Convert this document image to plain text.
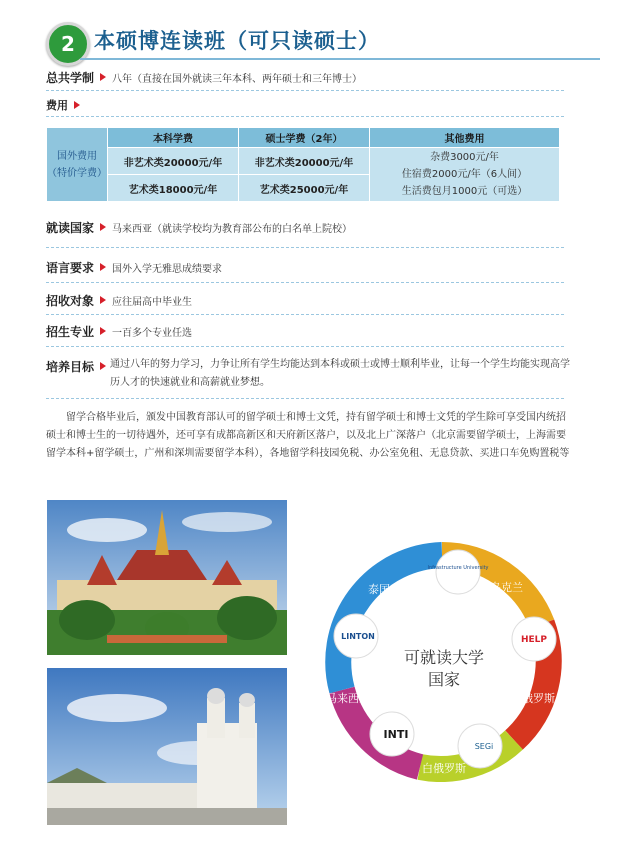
2 本硕博连读班（可只读硕士）
总共学制 八年（直接在国外就读三年本科、两年硕士和三年博士）
费用
国外费用
（特价学费）	本科学费	硕士学费（2年）	其他费用
	非艺术类20000元/年	非艺术类20000元/年	杂费3000元/年
住宿费2000元/年（6人间）
生活费包月1000元（可选）

	艺术类18000元/年	艺术类25000元/年	
就读国家 马来西亚（就读学校均为教育部公布的白名单上院校）
语言要求 国外入学无雅思成绩要求
招收对象 应往届高中毕业生
招生专业 一百多个专业任选
培养目标 通过八年的努力学习，力争让所有学生均能达到本科或硕士或博士顺利毕业，让每一个学生均能实现高学历人才的快速就业和高薪就业梦想。
留学合格毕业后，颁发中国教育部认可的留学硕士和博士文凭，持有留学硕士和博士文凭的学生除可享受国内统招硕士和博士生的一切待遇外，还可享有成都高新区和天府新区落户，以及北上广深落户（北京需要留学硕士，上海需要留学本科+留学硕士，广州和深圳需要留学本科），各地留学科技园免税、办公室免租、无息贷款、买进口车免购置税等
Infrastructure University
HELP
SEGi
INTI
LINTON
泰国	乌克兰
俄罗斯
白俄罗斯
马来西亚
可就读大学
国家
